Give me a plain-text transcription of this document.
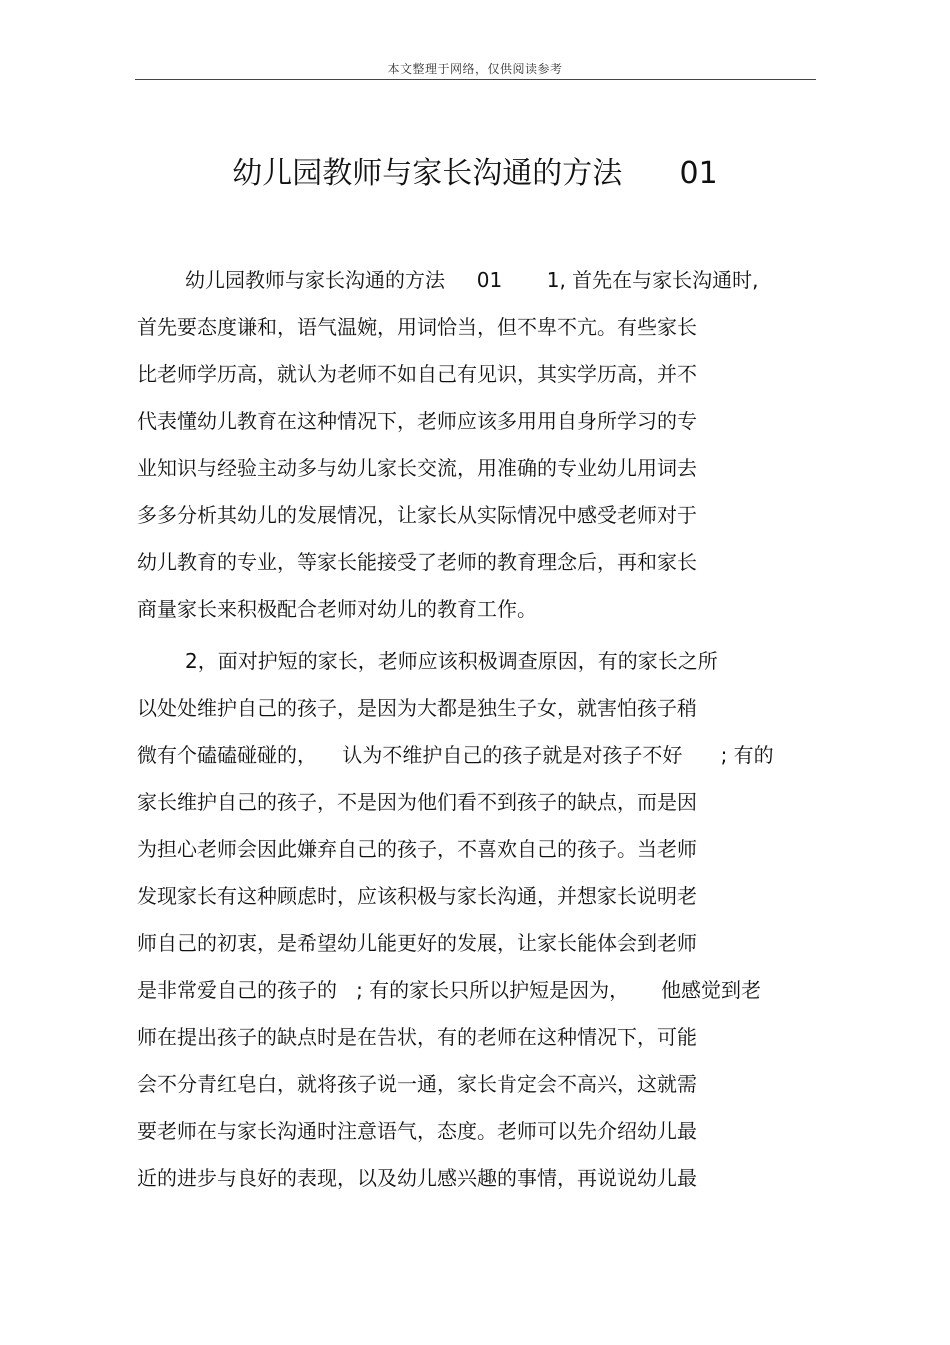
本文整理于网络，仅供阅读参考
幼儿园教师与家长沟通的方法      01
幼儿园教师与家长沟通的方法     01       1, 首先在与家长沟通时,
首先要态度谦和，语气温婉，用词恰当，但不卑不亢。有些家长
比老师学历高，就认为老师不如自己有见识，其实学历高，并不
代表懂幼儿教育在这种情况下，老师应该多用用自身所学习的专
业知识与经验主动多与幼儿家长交流，用准确的专业幼儿用词去
多多分析其幼儿的发展情况，让家长从实际情况中感受老师对于
幼儿教育的专业，等家长能接受了老师的教育理念后，再和家长
商量家长来积极配合老师对幼儿的教育工作。
2，面对护短的家长，老师应该积极调查原因，有的家长之所
以处处维护自己的孩子，是因为大都是独生子女，就害怕孩子稍
微有个磕磕碰碰的，    认为不维护自己的孩子就是对孩子不好      ; 有的
家长维护自己的孩子，不是因为他们看不到孩子的缺点，而是因
为担心老师会因此嫌弃自己的孩子，不喜欢自己的孩子。当老师
发现家长有这种顾虑时，应该积极与家长沟通，并想家长说明老
师自己的初衷，是希望幼儿能更好的发展，让家长能体会到老师
是非常爱自己的孩子的   ; 有的家长只所以护短是因为，     他感觉到老
师在提出孩子的缺点时是在告状，有的老师在这种情况下，可能
会不分青红皂白，就将孩子说一通，家长肯定会不高兴，这就需
要老师在与家长沟通时注意语气，态度。老师可以先介绍幼儿最
近的进步与良好的表现，以及幼儿感兴趣的事情，再说说幼儿最
